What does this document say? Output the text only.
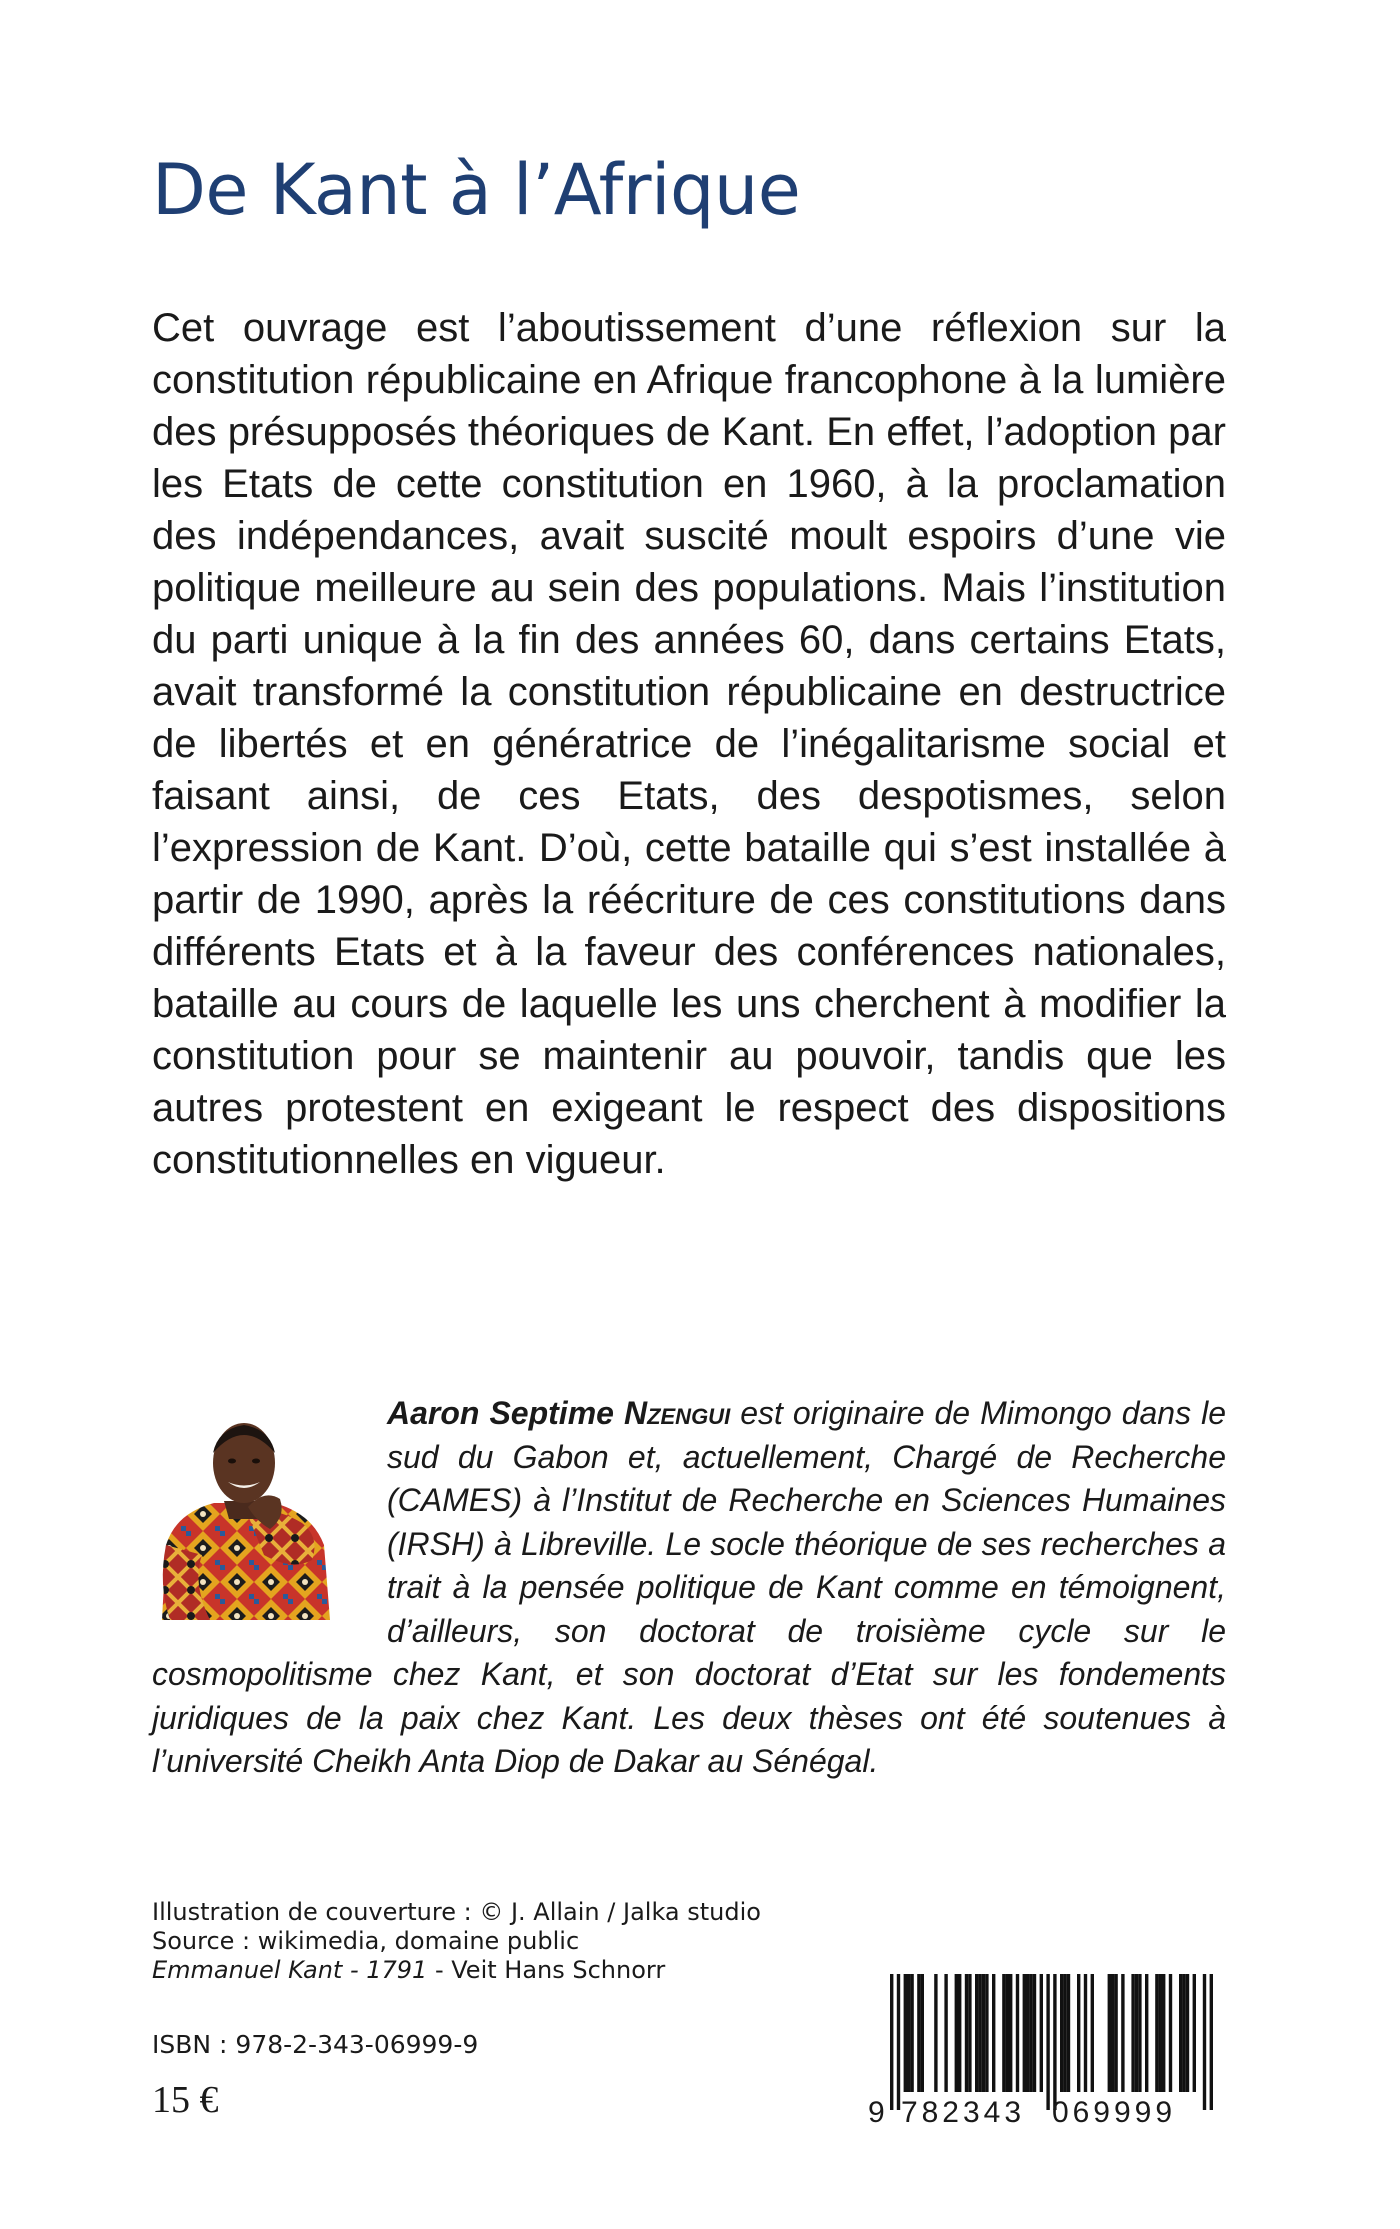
De Kant à l’Afrique

Cet ouvrage est l’aboutissement d’une réflexion sur la constitution républicaine en Afrique francophone à la lumière des présupposés théoriques de Kant. En effet, l’adoption par les Etats de cette constitution en 1960, à la proclamation des indépendances, avait suscité moult espoirs d’une vie politique meilleure au sein des populations. Mais l’institution du parti unique à la fin des années 60, dans certains Etats, avait transformé la constitution républicaine en destructrice de libertés et en génératrice de l’inégalitarisme social et faisant ainsi, de ces Etats, des despotismes, selon l’expression de Kant. D’où, cette bataille qui s’est installée à partir de 1990, après la réécriture de ces constitutions dans différents Etats et à la faveur des conférences nationales, bataille au cours de laquelle les uns cherchent à modifier la constitution pour se maintenir au pouvoir, tandis que les autres protestent en exigeant le respect des dispositions constitutionnelles en vigueur.

Aaron Septime Nzengui est originaire de Mimongo dans le sud du Gabon et, actuellement, Chargé de Recherche (CAMES) à l’Institut de Recherche en Sciences Humaines (IRSH) à Libreville. Le socle théorique de ses recherches a trait à la pensée politique de Kant comme en témoignent, d’ailleurs, son doctorat de troisième cycle sur le cosmopolitisme chez Kant, et son doctorat d’Etat sur les fondements juridiques de la paix chez Kant. Les deux thèses ont été soutenues à l’université Cheikh Anta Diop de Dakar au Sénégal.

Illustration de couverture : © J. Allain / Jalka studio
Source : wikimedia, domaine public
Emmanuel Kant - 1791 - Veit Hans Schnorr
ISBN : 978-2-343-06999-9
15 €	9 782343 069999
